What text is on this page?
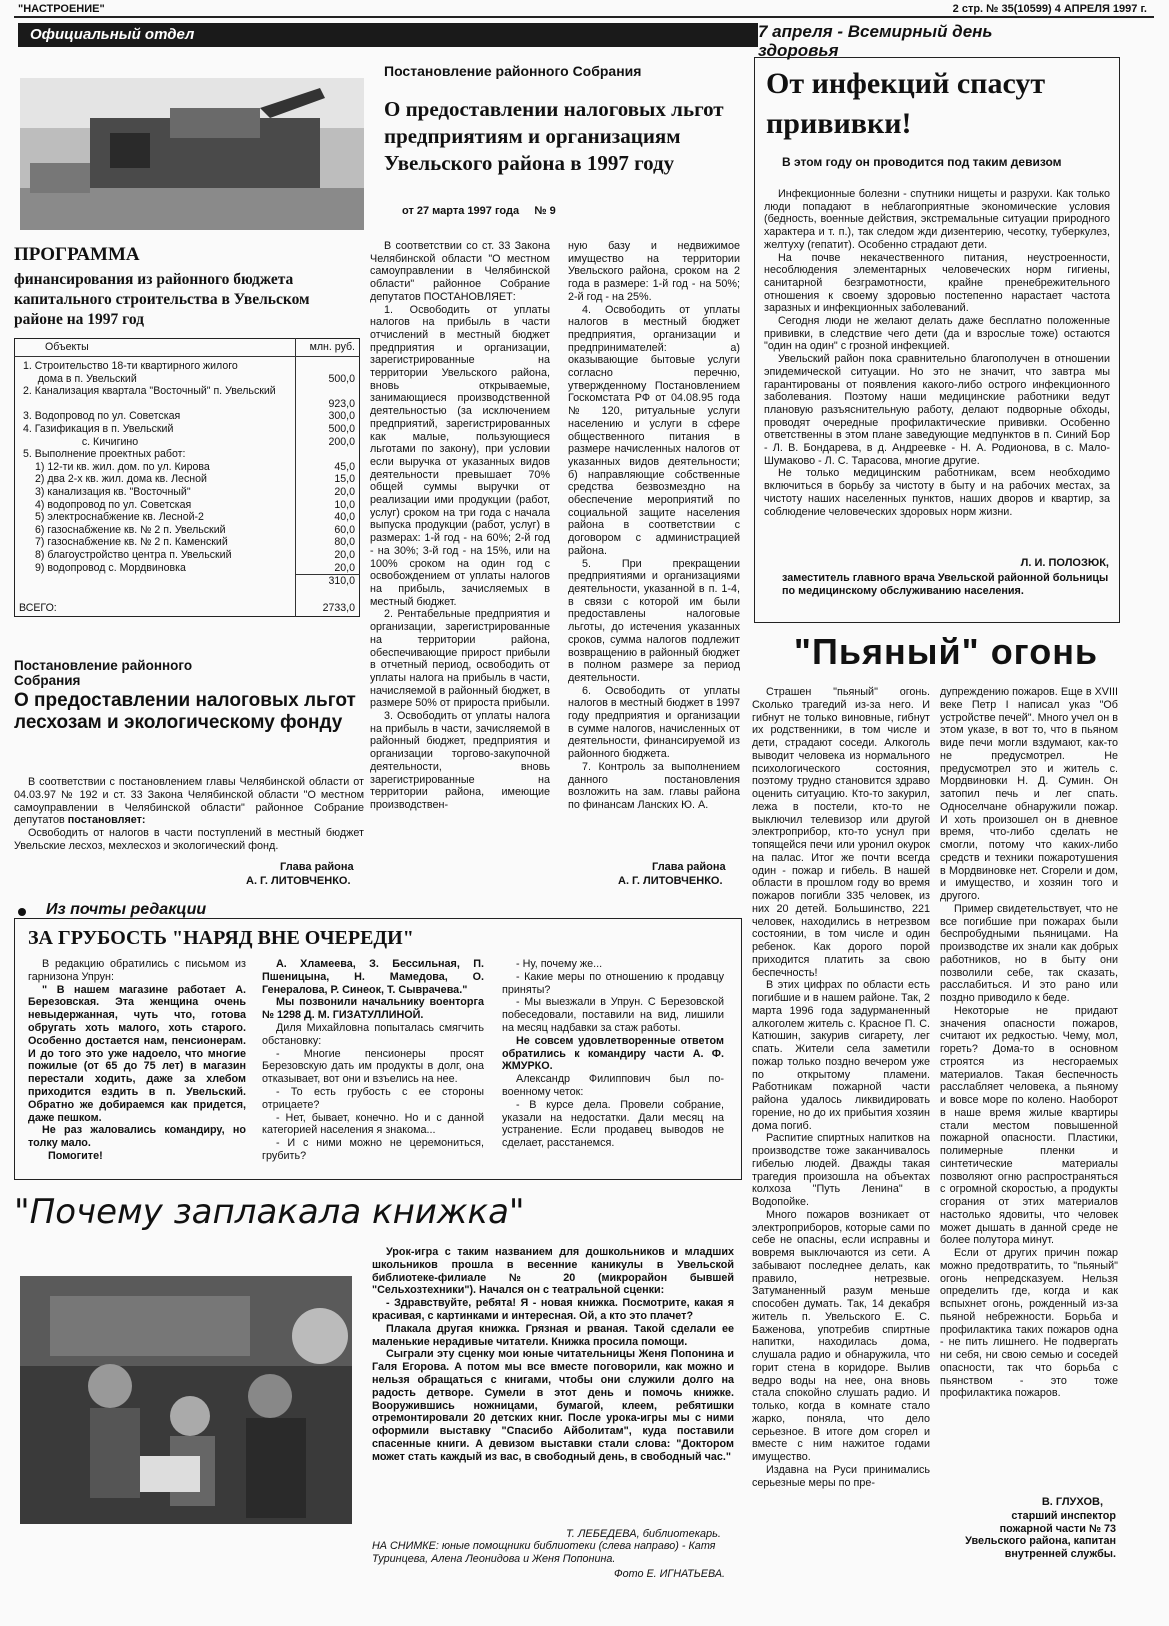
"НАСТРОЕНИЕ"	2 стр. № 35(10599) 4 АПРЕЛЯ 1997 г.
Официальный отдел
Постановление районного Собрания
О предоставлении налоговых льгот предприятиям и организациям Увельского района в 1997 году
от 27 марта 1997 года     № 9
7 апреля - Всемирный день здоровья
От инфекций спасут прививки!
В этом году он проводится под таким девизом

Инфекционные болезни - спутники нищеты и разрухи. Как только люди попадают в неблагоприятные экономические условия (бедность, военные действия, экстремальные ситуации природного характера и т. п.), так следом жди дизентерию, чесотку, туберкулез, желтуху (гепатит). Особенно страдают дети.

На почве некачественного питания, неустроенности, несоблюдения элементарных человеческих норм гигиены, санитарной безграмотности, крайне пренебрежительного отношения к своему здоровью постепенно нарастает частота заразных и инфекционных заболеваний.

Сегодня люди не желают делать даже бесплатно положенные прививки, в следствие чего дети (да и взрослые тоже) остаются "один на один" с грозной инфекцией.

Увельский район пока сравнительно благополучен в отношении эпидемической ситуации. Но это не значит, что завтра мы гарантированы от появления какого-либо острого инфекционного заболевания. Поэтому наши медицинские работники ведут плановую разъяснительную работу, делают подворные обходы, проводят очередные профилактические прививки. Особенно ответственны в этом плане заведующие медпунктов в п. Синий Бор - Л. В. Бондарева, в д. Андреевке - Н. А. Родионова, в с. Мало-Шумаково - Л. С. Тарасова, многие другие.

Не только медицинским работникам, всем необходимо включиться в борьбу за чистоту в быту и на рабочих местах, за чистоту наших населенных пунктов, наших дворов и квартир, за соблюдение человеческих здоровых норм жизни.

Л. И. ПОЛОЗЮК,
заместитель главного врача Увельской районной больницы по медицинскому обслуживанию населения.
ПРОГРАММА
финансирования из районного бюджета капитального строительства в Увельском районе на 1997 год
Объекты	млн. руб.

1. Строительство 18-ти квартирного жилого	
дома в п. Увельский	500,0
2. Канализация квартала "Восточный" п. Увельский	
	923,0
3. Водопровод по ул. Советская	300,0
4. Газификация в п. Увельский	500,0
с. Кичигино	200,0
5. Выполнение проектных работ:	
1) 12-ти кв. жил. дом. по ул. Кирова	45,0
2) два 2-х кв. жил. дома кв. Лесной	15,0
3) канализация кв. "Восточный"	20,0
4) водопровод по ул. Советская	10,0
5) электроснабжение кв. Лесной-2	40,0
6) газоснабжение кв. № 2 п. Увельский	60,0
7) газоснабжение кв. № 2 п. Каменский	80,0
8) благоустройство центра п. Увельский	20,0
9) водопровод с. Мордвиновка	20,0
	310,0

ВСЕГО:	2733,0

Постановление районного Собрания
О предоставлении налоговых льгот лесхозам и экологическому фонду

В соответствии с постановлением главы Челябинской области от 04.03.97 № 192 и ст. 33 Закона Челябинской области "О местном самоуправлении в Челябинской области" районное Собрание депутатов постановляет:

Освободить от налогов в части поступлений в местный бюджет Увельские лесхоз, мехлесхоз и экологический фонд.

Глава района
А. Г. ЛИТОВЧЕНКО.

В соответствии со ст. 33 Закона Челябинской области "О местном самоуправлении в Челябинской области" районное Собрание депутатов ПОСТАНОВЛЯЕТ:

1. Освободить от уплаты налогов на прибыль в части отчислений в местный бюджет предприятия и организации, зарегистрированные на территории Увельского района, вновь открываемые, занимающиеся производственной деятельностью (за исключением предприятий, зарегистрированных как малые, пользующиеся льготами по закону), при условии если выручка от указанных видов деятельности превышает 70% общей суммы выручки от реализации ими продукции (работ, услуг) сроком на три года с начала выпуска продукции (работ, услуг) в размерах: 1-й год - на 60%; 2-й год - на 30%; 3-й год - на 15%, или на 100% сроком на один год с освобождением от уплаты налогов на прибыль, зачисляемых в местный бюджет.

2. Рентабельные предприятия и организации, зарегистрированные на территории района, обеспечивающие прирост прибыли в отчетный период, освободить от уплаты налога на прибыль в части, начисляемой в районный бюджет, в размере 50% от прироста прибыли.

3. Освободить от уплаты налога на прибыль в части, зачисляемой в районный бюджет, предприятия и организации торгово-закупочной деятельности, вновь зарегистрированные на территории района, имеющие производствен-

ную базу и недвижимое имущество на территории Увельского района, сроком на 2 года в размере: 1-й год - на 50%; 2-й год - на 25%.

4. Освободить от уплаты налогов в местный бюджет предприятия, организации и предпринимателей: а) оказывающие бытовые услуги согласно перечню, утвержденному Постановлением Госкомстата РФ от 04.08.95 года № 120, ритуальные услуги населению и услуги в сфере общественного питания в размере начисленных налогов от указанных видов деятельности; б) направляющие собственные средства безвозмездно на обеспечение мероприятий по социальной защите населения района в соответствии с договором с администрацией района.

5. При прекращении предприятиями и организациями деятельности, указанной в п. 1-4, в связи с которой им были предоставлены налоговые льготы, до истечения указанных сроков, сумма налогов подлежит возвращению в районный бюджет в полном размере за период деятельности.

6. Освободить от уплаты налогов в местный бюджет в 1997 году предприятия и организации в сумме налогов, начисленных от деятельности, финансируемой из районного бюджета.

7. Контроль за выполнением данного постановления возложить на зам. главы района по финансам Ланских Ю. А.

Глава района
А. Г. ЛИТОВЧЕНКО.
Из почты редакции
ЗА ГРУБОСТЬ "НАРЯД ВНЕ ОЧЕРЕДИ"

В редакцию обратились с письмом из гарнизона Упрун:

" В нашем магазине работает А. Березовская. Эта женщина очень невыдержанная, чуть что, готова обругать хоть малого, хоть старого. Особенно достается нам, пенсионерам. И до того это уже надоело, что многие пожилые (от 65 до 75 лет) в магазин перестали ходить, даже за хлебом приходится ездить в п. Увельский. Обратно же добираемся как придется, даже пешком.

Не раз жаловались командиру, но толку мало.

Помогите!

А. Хламеева, З. Бессильная, П. Пшеницына, Н. Мамедова, О. Генералова, Р. Синеок, Т. Сыврачева."

Мы позвонили начальнику военторга № 1298 Д. М. ГИЗАТУЛЛИНОЙ.

Диля Михайловна попыталась смягчить обстановку:

- Многие пенсионеры просят Березовскую дать им продукты в долг, она отказывает, вот они и взъелись на нее.

- То есть грубость с ее стороны отрицаете?

- Нет, бывает, конечно. Но и с данной категорией населения я знакома...

- И с ними можно не церемониться, грубить?

- Ну, почему же...

- Какие меры по отношению к продавцу приняты?

- Мы выезжали в Упрун. С Березовской побеседовали, поставили на вид, лишили на месяц надбавки за стаж работы.

Не совсем удовлетворенные ответом обратились к командиру части А. Ф. ЖМУРКО.

Александр Филиппович был по-военному четок:

- В курсе дела. Провели собрание, указали на недостатки. Дали месяц на устранение. Если продавец выводов не сделает, расстанемся.

"Пьяный" огонь

Страшен "пьяный" огонь. Сколько трагедий из-за него. И гибнут не только виновные, гибнут их родственники, в том числе и дети, страдают соседи. Алкоголь выводит человека из нормального психологического состояния, поэтому трудно становится здраво оценить ситуацию. Кто-то закурил, лежа в постели, кто-то не выключил телевизор или другой электроприбор, кто-то уснул при топящейся печи или уронил окурок на палас. Итог же почти всегда один - пожар и гибель. В нашей области в прошлом году во время пожаров погибли 335 человек, из них 20 детей. Большинство, 221 человек, находились в нетрезвом состоянии, в том числе и один ребенок. Как дорого порой приходится платить за свою беспечность!

В этих цифрах по области есть погибшие и в нашем районе. Так, 2 марта 1996 года задурманенный алкоголем житель с. Красное П. С. Катюшин, закурив сигарету, лег спать. Жители села заметили пожар только поздно вечером уже по открытому пламени. Работникам пожарной части района удалось ликвидировать горение, но до их прибытия хозяин дома погиб.

Распитие спиртных напитков на производстве тоже заканчивалось гибелью людей. Дважды такая трагедия произошла на объектах колхоза "Путь Ленина" в Водопойке.

Много пожаров возникает от электроприборов, которые сами по себе не опасны, если исправны и вовремя выключаются из сети. А забывают последнее делать, как правило, нетрезвые. Затуманенный разум меньше способен думать. Так, 14 декабря житель п. Увельского Е. С. Баженова, употребив спиртные напитки, находилась дома, слушала радио и обнаружила, что горит стена в коридоре. Вылив ведро воды на нее, она вновь стала спокойно слушать радио. И только, когда в комнате стало жарко, поняла, что дело серьезное. В итоге дом сгорел и вместе с ним нажитое годами имущество.

Издавна на Руси принимались серьезные меры по пре-

дупреждению пожаров. Еще в XVIII веке Петр I написал указ "Об устройстве печей". Много учел он в этом указе, в вот то, что в пьяном виде печи могли вздумают, как-то не предусмотрел. Не предусмотрел это и житель с. Мордвиновки Н. Д. Сумин. Он затопил печь и лег спать. Односелчане обнаружили пожар. И хоть произошел он в дневное время, что-либо сделать не смогли, потому что каких-либо средств и техники пожаротушения в Мордвиновке нет. Сгорели и дом, и имущество, и хозяин того и другого.

Пример свидетельствует, что не все погибшие при пожарах были беспробудными пьяницами. На производстве их знали как добрых работников, но в быту они позволили себе, так сказать, расслабиться. И это рано или поздно приводило к беде.

Некоторые не придают значения опасности пожаров, считают их редкостью. Чему, мол, гореть? Дома-то в основном строятся из несгораемых материалов. Такая беспечность расслабляет человека, а пьяному и вовсе море по колено. Наоборот в наше время жилые квартиры стали местом повышенной пожарной опасности. Пластики, полимерные пленки и синтетические материалы позволяют огню распространяться с огромной скоростью, а продукты сгорания от этих материалов настолько ядовиты, что человек может дышать в данной среде не более полутора минут.

Если от других причин пожар можно предотвратить, то "пьяный" огонь непредсказуем. Нельзя определить где, когда и как вспыхнет огонь, рожденный из-за пьяной небрежности. Борьба и профилактика таких пожаров одна - не пить лишнего. Не подвергать ни себя, ни свою семью и соседей опасности, так что борьба с пьянством - это тоже профилактика пожаров.

В. ГЛУХОВ,
старший инспектор пожарной части № 73 Увельского района, капитан внутренней службы.
"Почему заплакала книжка"

Урок-игра с таким названием для дошкольников и младших школьников прошла в весенние каникулы в Увельской библиотеке-филиале № 20 (микрорайон бывшей "Сельхозтехники"). Начался он с театральной сценки:

- Здравствуйте, ребята! Я - новая книжка. Посмотрите, какая я красивая, с картинками и интересная. Ой, а кто это плачет?

Плакала другая книжка. Грязная и рваная. Такой сделали ее маленькие нерадивые читатели. Книжка просила помощи.

Сыграли эту сценку мои юные читательницы Женя Попонина и Галя Егорова. А потом мы все вместе поговорили, как можно и нельзя обращаться с книгами, чтобы они служили долго на радость детворе. Сумели в этот день и помочь книжке. Вооружившись ножницами, бумагой, клеем, ребятишки отремонтировали 20 детских книг. После урока-игры мы с ними оформили выставку "Спасибо Айболитам", куда поставили спасенные книги. А девизом выставки стали слова: "Доктором может стать каждый из вас, в свободный день, в свободный час."

Т. ЛЕБЕДЕВА, библиотекарь.
НА СНИМКЕ: юные помощники библиотеки (слева направо) - Катя Туринцева, Алена Леонидова и Женя Попонина.
Фото Е. ИГНАТЬЕВА.
